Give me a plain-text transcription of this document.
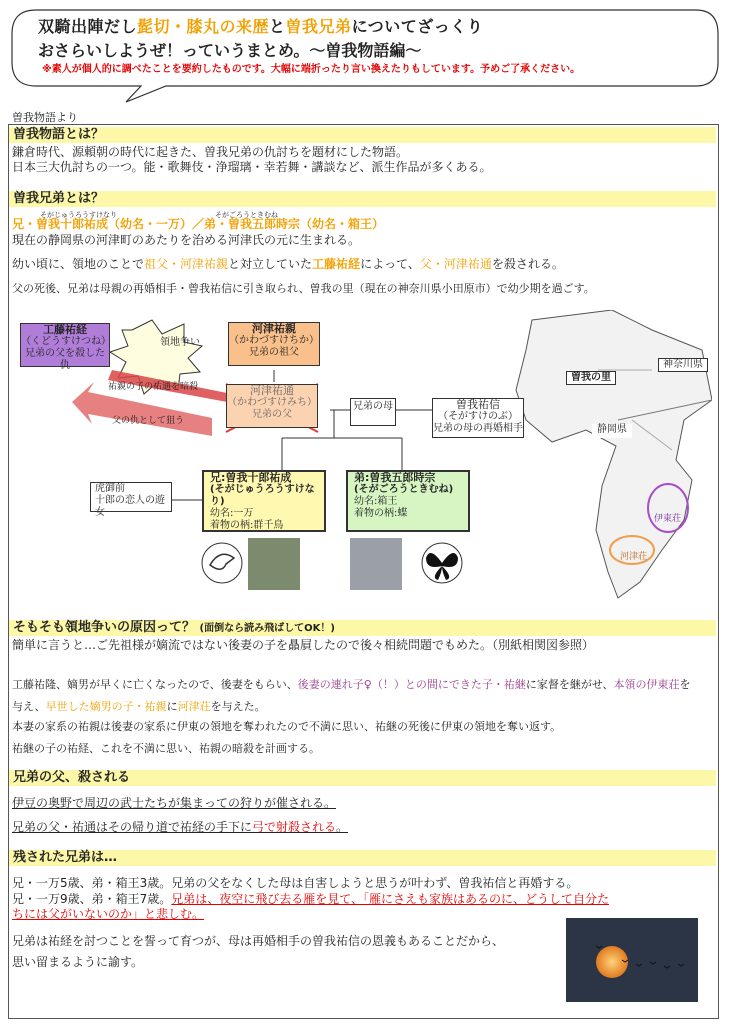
双騎出陣だし髭切・膝丸の来歴と曽我兄弟についてざっくり
おさらいしようぜ！っていうまとめ。～曽我物語編～
※素人が個人的に調べたことを要約したものです。大幅に端折ったり言い換えたりもしています。予めご了承ください。
曽我物語より
曽我物語とは？
鎌倉時代、源頼朝の時代に起きた、曽我兄弟の仇討ちを題材にした物語。
日本三大仇討ちの一つ。能・歌舞伎・浄瑠璃・幸若舞・講談など、派生作品が多くある。
曽我兄弟とは？
そがじゅうろうすけなり　　　　　　　　　　　　　　そがごろうときむね
兄・曽我十郎祐成（幼名・一万）／弟・曽我五郎時宗（幼名・箱王）
現在の静岡県の河津町のあたりを治める河津氏の元に生まれる。
幼い頃に、領地のことで祖父・河津祐親と対立していた工藤祐経によって、父・河津祐通を殺される。
父の死後、兄弟は母親の再婚相手・曾我祐信に引き取られ、曽我の里（現在の神奈川県小田原市）で幼少期を過ごす。
工藤祐経
（くどうすけつね）
兄弟の父を殺した仇
領地争い
河津祐親
（かわづすけちか）
兄弟の祖父
祐親の子の祐通を暗殺
父の仇として狙う
河津祐通
（かわづすけみち）
兄弟の父
兄弟の母	曽我祐信
（そがすけのぶ）
兄弟の母の再婚相手
虎御前
十郎の恋人の遊女
兄:曽我十郎祐成
(そがじゅうろうすけなり)
幼名:一万
着物の柄:群千鳥
弟:曽我五郎時宗
(そがごろうときむね)
幼名:箱王
着物の柄:蝶
神奈川県
曽我の里
静岡県
伊東荘
河津荘
そもそも領地争いの原因って？ (面倒なら読み飛ばしてOK！)
簡単に言うと…ご先祖様が嫡流ではない後妻の子を贔屓したので後々相続問題でもめた。（別紙相関図参照）
工藤祐隆、嫡男が早くに亡くなったので、後妻をもらい、後妻の連れ子♀（！）との間にできた子・祐継に家督を継がせ、本領の伊東荘を
与え、早世した嫡男の子・祐親に河津荘を与えた。
本妻の家系の祐親は後妻の家系に伊東の領地を奪われたので不満に思い、祐継の死後に伊東の領地を奪い返す。
祐継の子の祐経、これを不満に思い、祐親の暗殺を計画する。
兄弟の父、殺される
伊豆の奥野で周辺の武士たちが集まっての狩りが催される。
兄弟の父・祐通はその帰り道で祐経の手下に弓で射殺される。
残された兄弟は…
兄・一万5歳、弟・箱王3歳。兄弟の父をなくした母は自害しようと思うが叶わず、曽我祐信と再婚する。
兄・一万9歳、弟・箱王7歳。兄弟は、夜空に飛び去る雁を見て、「雁にさえも家族はあるのに、どうして自分た
ちには父がいないのか」と悲しむ。
兄弟は祐経を討つことを誓って育つが、母は再婚相手の曽我祐信の恩義もあることだから、
思い留まるように諭す。
